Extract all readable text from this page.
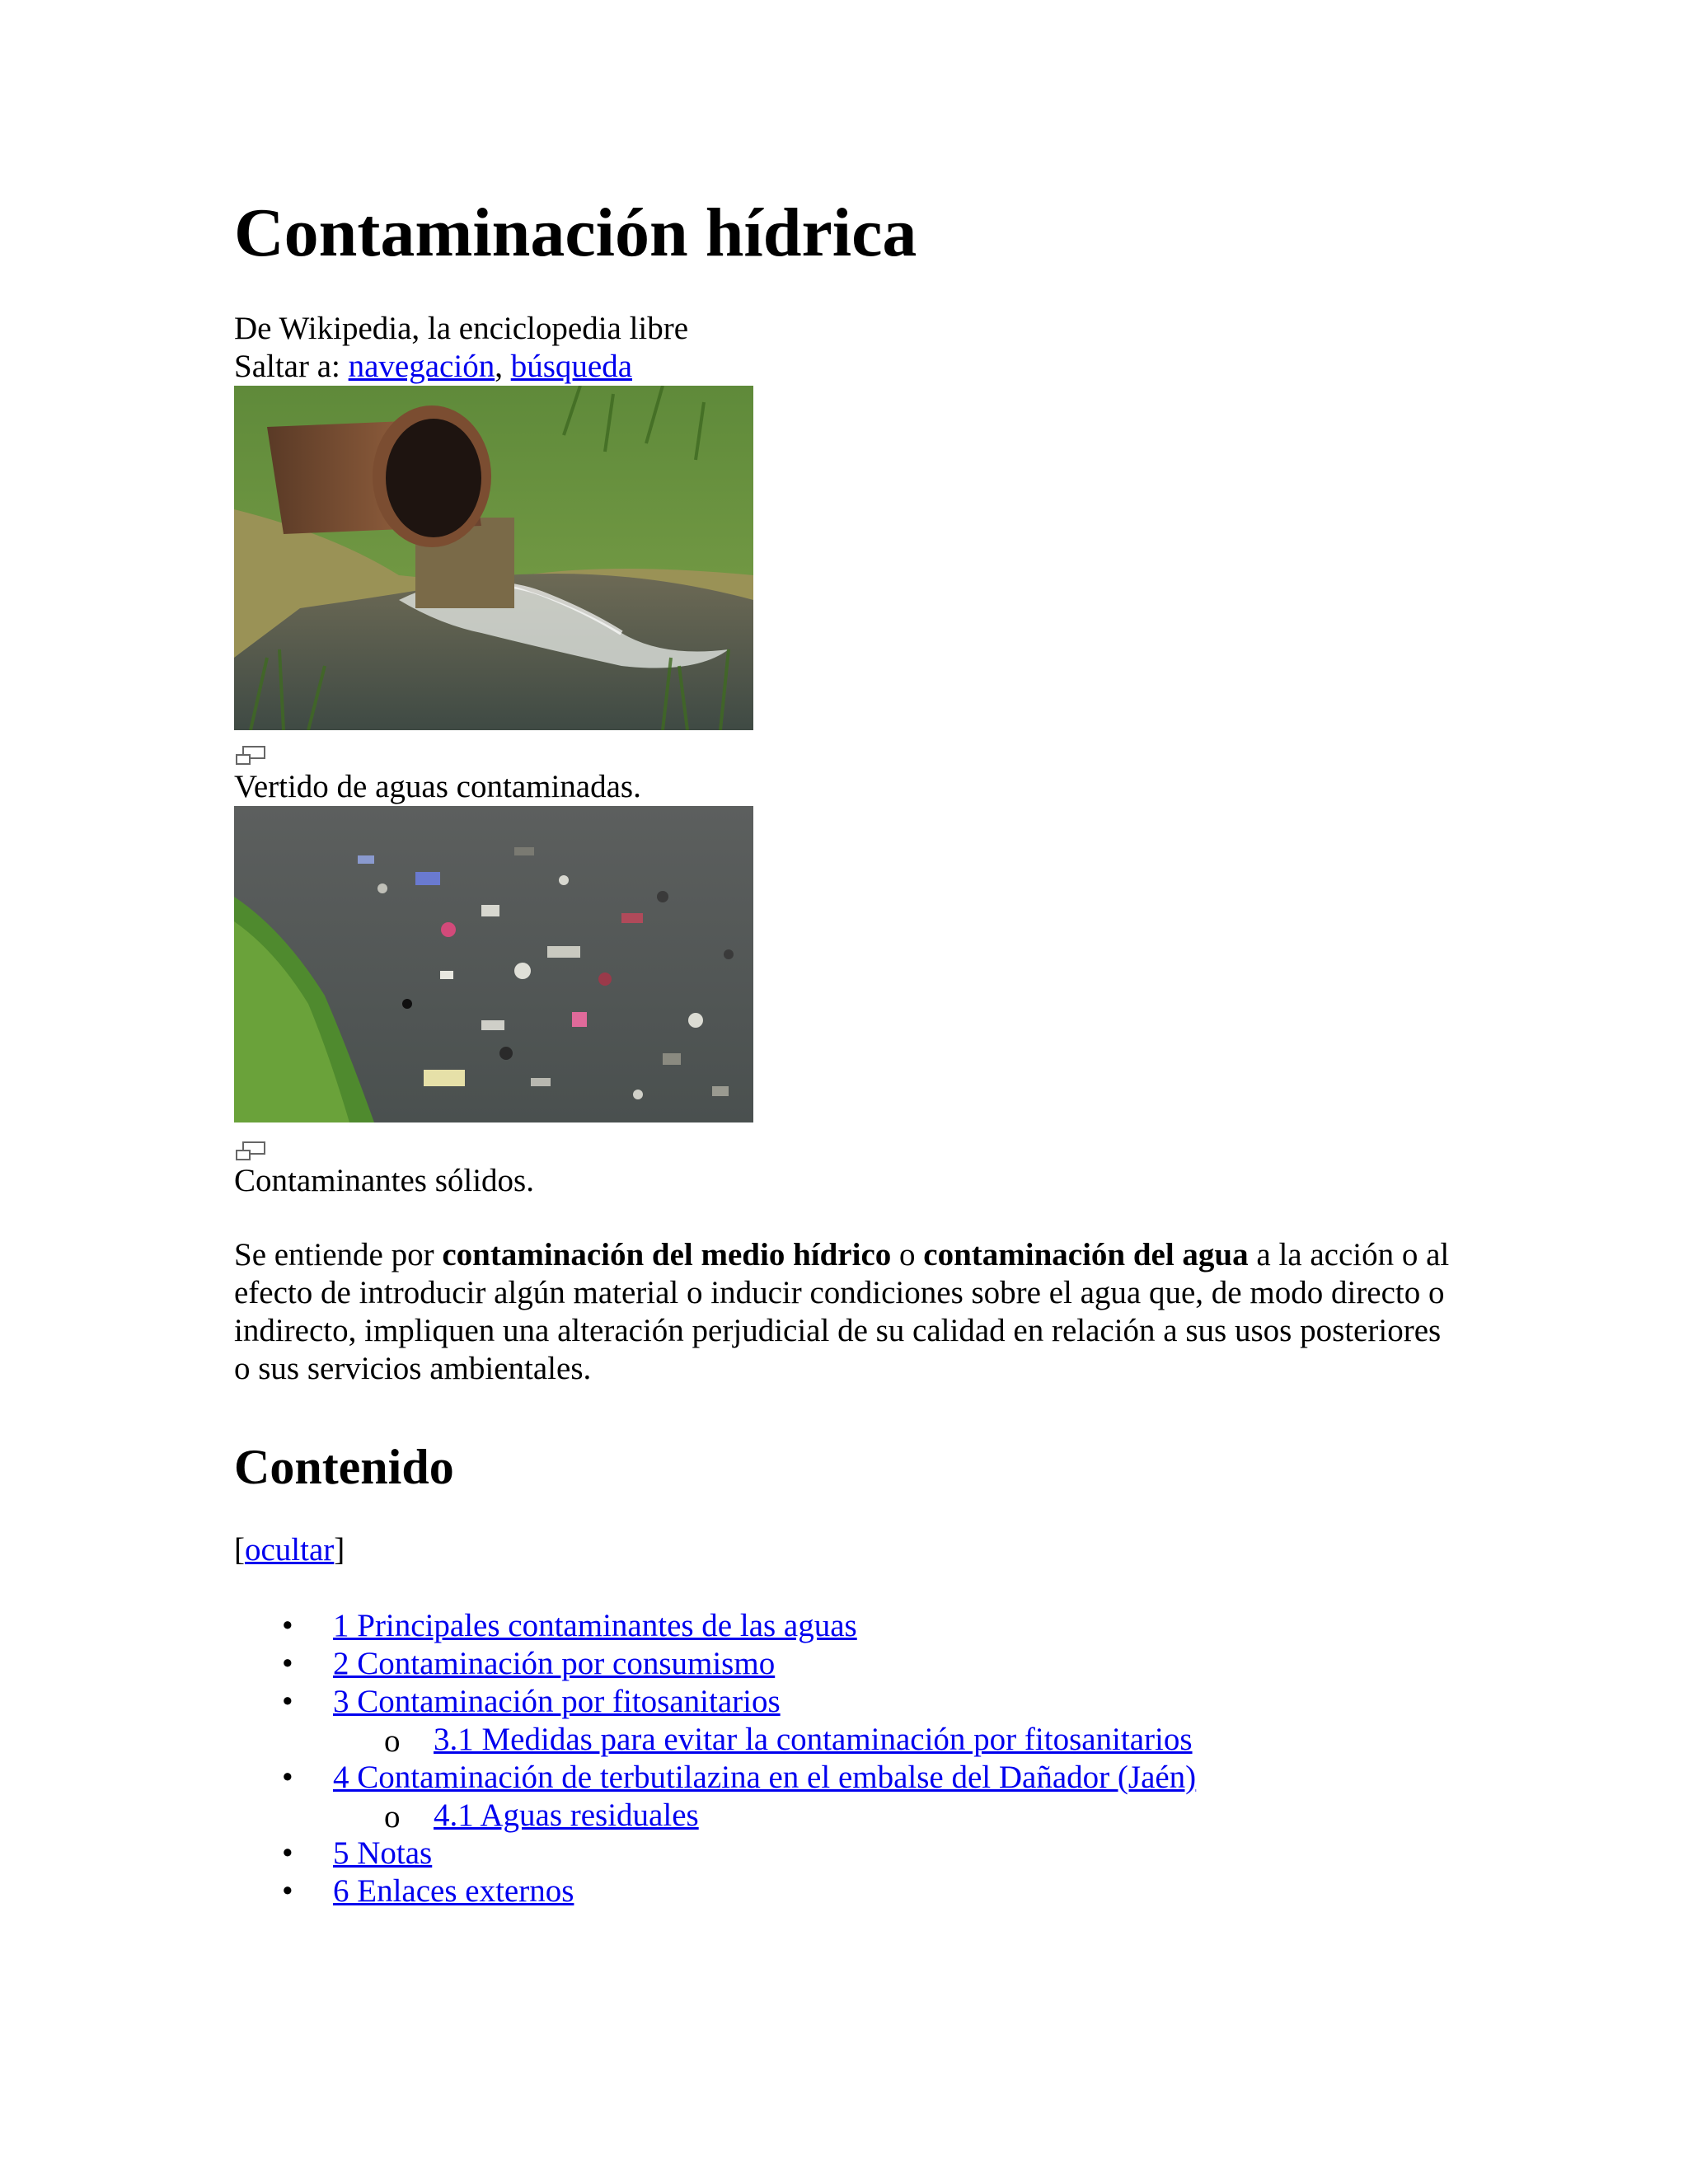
Contaminación hídrica
De Wikipedia, la enciclopedia libre
Saltar a: navegación, búsqueda
Vertido de aguas contaminadas.
Contaminantes sólidos.

Se entiende por contaminación del medio hídrico o contaminación del agua a la acción o al efecto de introducir algún material o inducir condiciones sobre el agua que, de modo directo o indirecto, impliquen una alteración perjudicial de su calidad en relación a sus usos posteriores o sus servicios ambientales.

Contenido
[ocultar]
• 1 Principales contaminantes de las aguas
• 2 Contaminación por consumismo
• 3 Contaminación por fitosanitarios
o 3.1 Medidas para evitar la contaminación por fitosanitarios
• 4 Contaminación de terbutilazina en el embalse del Dañador (Jaén)
o 4.1 Aguas residuales
• 5 Notas
• 6 Enlaces externos
